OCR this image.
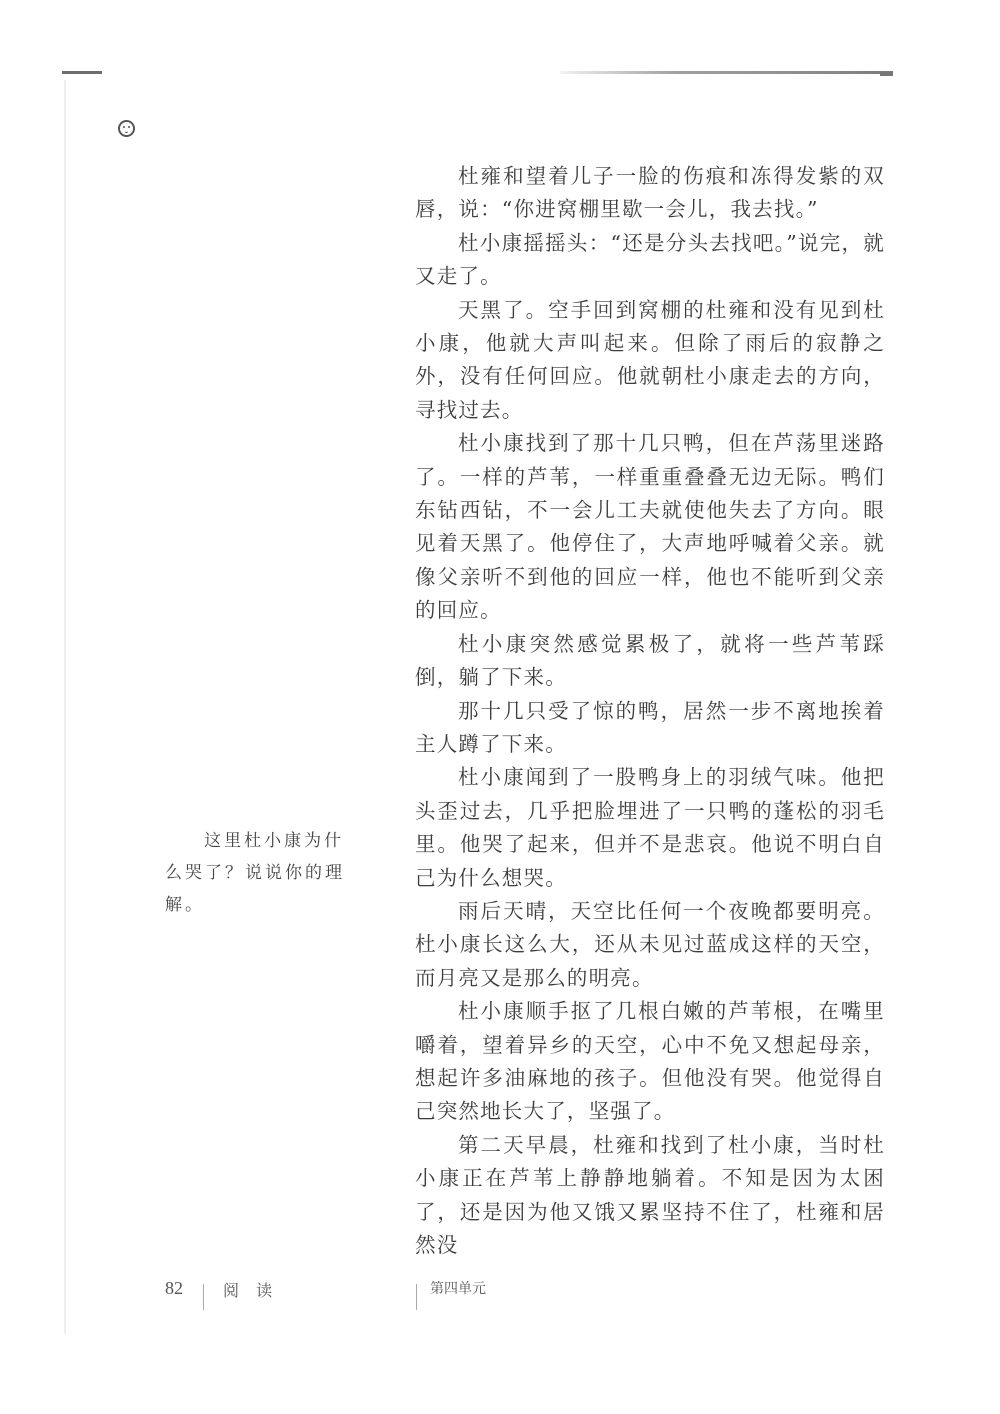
杜雍和望着儿子一脸的伤痕和冻得发紫的双唇，说：“你进窝棚里歇一会儿，我去找。”

杜小康摇摇头：“还是分头去找吧。”说完，就又走了。

天黑了。空手回到窝棚的杜雍和没有见到杜小康，他就大声叫起来。但除了雨后的寂静之外，没有任何回应。他就朝杜小康走去的方向，寻找过去。

杜小康找到了那十几只鸭，但在芦荡里迷路了。一样的芦苇，一样重重叠叠无边无际。鸭们东钻西钻，不一会儿工夫就使他失去了方向。眼见着天黑了。他停住了，大声地呼喊着父亲。就像父亲听不到他的回应一样，他也不能听到父亲的回应。

杜小康突然感觉累极了，就将一些芦苇踩倒，躺了下来。

那十几只受了惊的鸭，居然一步不离地挨着主人蹲了下来。

杜小康闻到了一股鸭身上的羽绒气味。他把头歪过去，几乎把脸埋进了一只鸭的蓬松的羽毛里。他哭了起来，但并不是悲哀。他说不明白自己为什么想哭。

雨后天晴，天空比任何一个夜晚都要明亮。杜小康长这么大，还从未见过蓝成这样的天空，而月亮又是那么的明亮。

杜小康顺手抠了几根白嫩的芦苇根，在嘴里嚼着，望着异乡的天空，心中不免又想起母亲，想起许多油麻地的孩子。但他没有哭。他觉得自己突然地长大了，坚强了。

第二天早晨，杜雍和找到了杜小康，当时杜小康正在芦苇上静静地躺着。不知是因为太困了，还是因为他又饿又累坚持不住了，杜雍和居然没

这里杜小康为什么哭了？说说你的理解。

82	阅 读	第四单元
